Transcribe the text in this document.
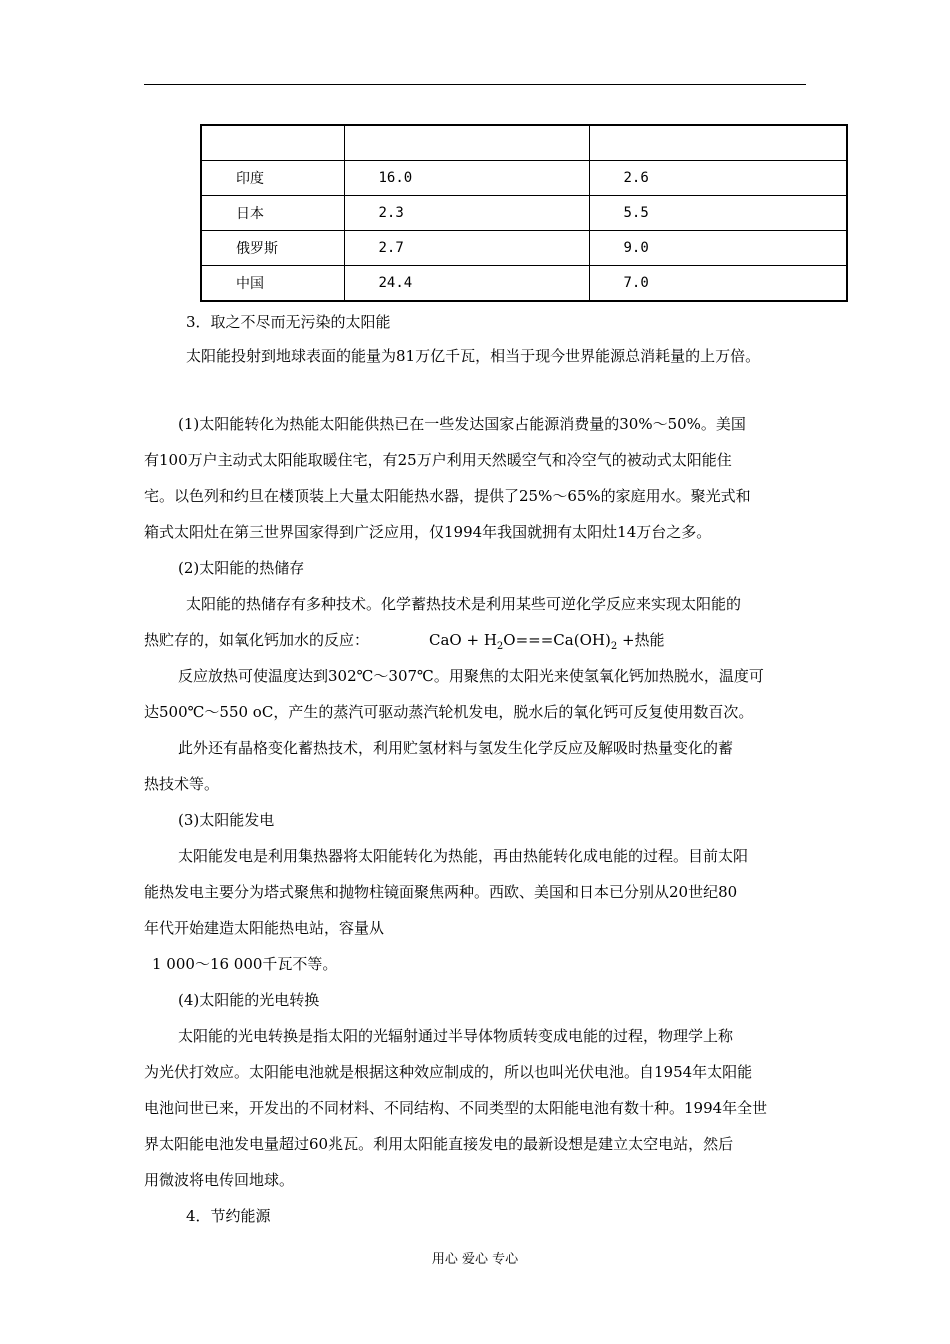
印度	16.0	2.6
日本	2.3	5.5
俄罗斯	2.7	9.0
中国	24.4	7.0
3．取之不尽而无污染的太阳能
太阳能投射到地球表面的能量为81万亿千瓦，相当于现今世界能源总消耗量的上万倍。
(1)太阳能转化为热能太阳能供热已在一些发达国家占能源消费量的30%～50%。美国
有100万户主动式太阳能取暖住宅，有25万户利用天然暖空气和冷空气的被动式太阳能住
宅。以色列和约旦在楼顶装上大量太阳能热水器，提供了25%～65%的家庭用水。聚光式和
箱式太阳灶在第三世界国家得到广泛应用，仅1994年我国就拥有太阳灶14万台之多。
(2)太阳能的热储存
太阳能的热储存有多种技术。化学蓄热技术是利用某些可逆化学反应来实现太阳能的
热贮存的，如氧化钙加水的反应：	CaO + $H_2O===Ca(OH)_2$ +热能
反应放热可使温度达到302℃～307℃。用聚焦的太阳光来使氢氧化钙加热脱水，温度可
达500℃～550 oC，产生的蒸汽可驱动蒸汽轮机发电，脱水后的氧化钙可反复使用数百次。
此外还有晶格变化蓄热技术，利用贮氢材料与氢发生化学反应及解吸时热量变化的蓄
热技术等。
(3)太阳能发电
太阳能发电是利用集热器将太阳能转化为热能，再由热能转化成电能的过程。目前太阳
能热发电主要分为塔式聚焦和抛物柱镜面聚焦两种。西欧、美国和日本已分别从20世纪80
年代开始建造太阳能热电站，容量从
1 000～16 000千瓦不等。
(4)太阳能的光电转换
太阳能的光电转换是指太阳的光辐射通过半导体物质转变成电能的过程，物理学上称
为光伏打效应。太阳能电池就是根据这种效应制成的，所以也叫光伏电池。自1954年太阳能
电池问世已来，开发出的不同材料、不同结构、不同类型的太阳能电池有数十种。1994年全世
界太阳能电池发电量超过60兆瓦。利用太阳能直接发电的最新设想是建立太空电站，然后
用微波将电传回地球。
4．节约能源
用心 爱心 专心
